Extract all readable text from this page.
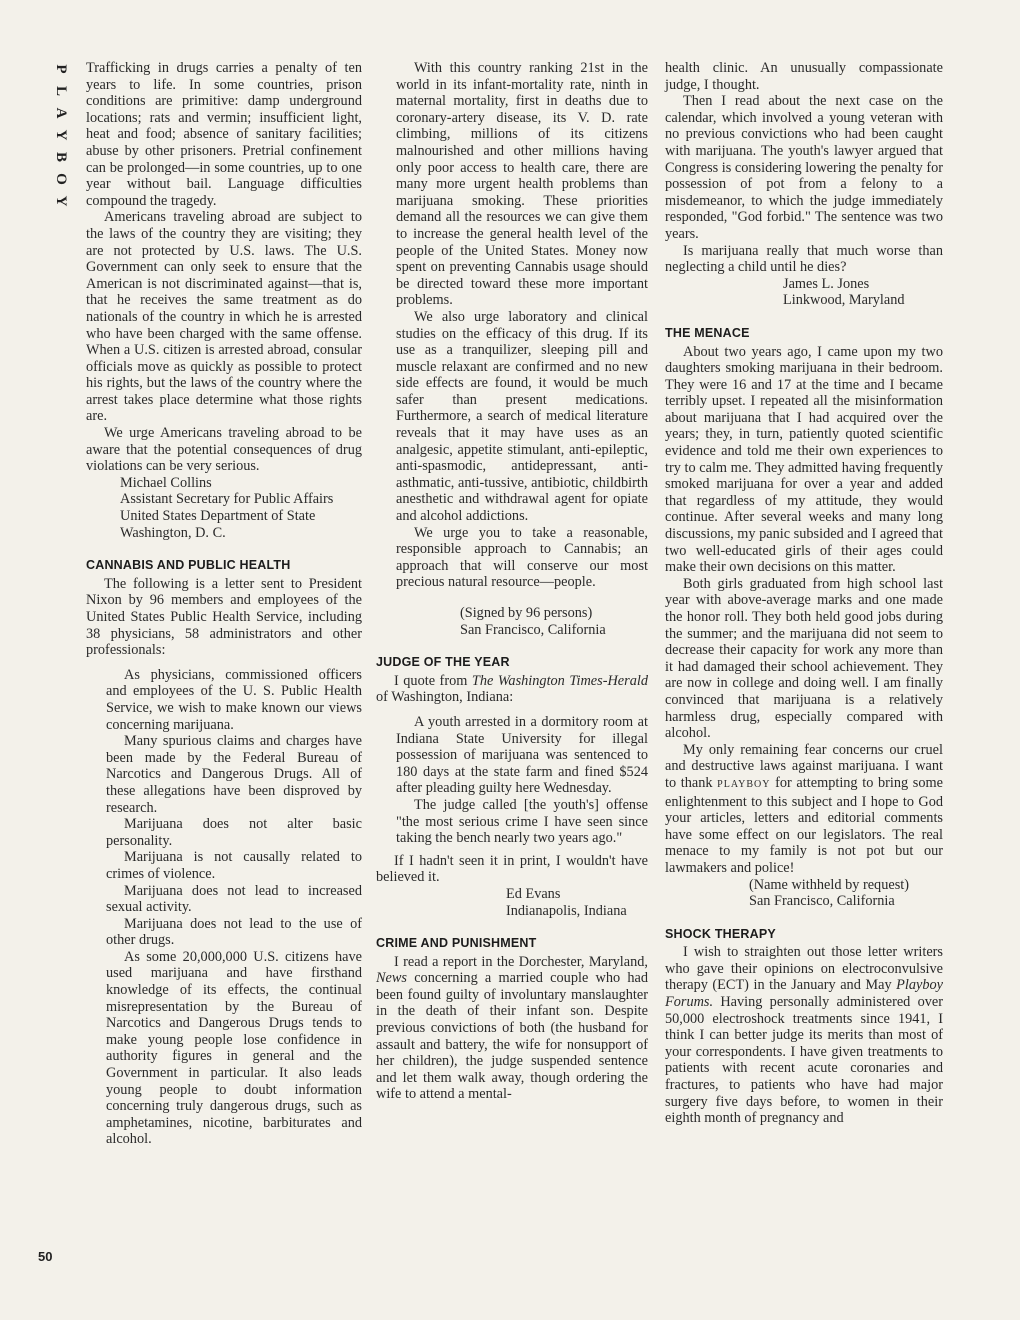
P
L
A
Y
B
O
Y
50

Trafficking in drugs carries a penalty of ten years to life. In some countries, prison conditions are primitive: damp underground locations; rats and vermin; insufficient light, heat and food; absence of sanitary facilities; abuse by other prisoners. Pretrial confinement can be prolonged—in some countries, up to one year without bail. Language difficulties compound the tragedy.

Americans traveling abroad are subject to the laws of the country they are visiting; they are not protected by U.S. laws. The U.S. Government can only seek to ensure that the American is not discriminated against—that is, that he receives the same treatment as do nationals of the country in which he is arrested who have been charged with the same offense. When a U.S. citizen is arrested abroad, consular officials move as quickly as possible to protect his rights, but the laws of the country where the arrest takes place determine what those rights are.

We urge Americans traveling abroad to be aware that the potential consequences of drug violations can be very serious.

Michael Collins

Assistant Secretary for Public Affairs

United States Department of State

Washington, D. C.

CANNABIS AND PUBLIC HEALTH

The following is a letter sent to President Nixon by 96 members and employees of the United States Public Health Service, including 38 physicians, 58 administrators and other professionals:

As physicians, commissioned officers and employees of the U. S. Public Health Service, we wish to make known our views concerning marijuana.

Many spurious claims and charges have been made by the Federal Bureau of Narcotics and Dangerous Drugs. All of these allegations have been disproved by research.

Marijuana does not alter basic personality.

Marijuana is not causally related to crimes of violence.

Marijuana does not lead to increased sexual activity.

Marijuana does not lead to the use of other drugs.

As some 20,000,000 U.S. citizens have used marijuana and have firsthand knowledge of its effects, the continual misrepresentation by the Bureau of Narcotics and Dangerous Drugs tends to make young people lose confidence in authority figures in general and the Government in particular. It also leads young people to doubt information concerning truly dangerous drugs, such as amphetamines, nicotine, barbiturates and alcohol.

With this country ranking 21st in the world in its infant-mortality rate, ninth in maternal mortality, first in deaths due to coronary-artery disease, its V. D. rate climbing, millions of its citizens malnourished and other millions having only poor access to health care, there are many more urgent health problems than marijuana smoking. These priorities demand all the resources we can give them to increase the general health level of the people of the United States. Money now spent on preventing Cannabis usage should be directed toward these more important problems.

We also urge laboratory and clinical studies on the efficacy of this drug. If its use as a tranquilizer, sleeping pill and muscle relaxant are confirmed and no new side effects are found, it would be much safer than present medications. Furthermore, a search of medical literature reveals that it may have uses as an analgesic, appetite stimulant, anti-epileptic, anti-spasmodic, antidepressant, anti-asthmatic, anti-tussive, antibiotic, childbirth anesthetic and withdrawal agent for opiate and alcohol addictions.

We urge you to take a reasonable, responsible approach to Cannabis; an approach that will conserve our most precious natural resource—people.

(Signed by 96 persons)

San Francisco, California

JUDGE OF THE YEAR

I quote from The Washington Times-Herald of Washington, Indiana:

A youth arrested in a dormitory room at Indiana State University for illegal possession of marijuana was sentenced to 180 days at the state farm and fined $524 after pleading guilty here Wednesday.

The judge called [the youth's] offense "the most serious crime I have seen since taking the bench nearly two years ago."

If I hadn't seen it in print, I wouldn't have believed it.

Ed Evans

Indianapolis, Indiana

CRIME AND PUNISHMENT

I read a report in the Dorchester, Maryland, News concerning a married couple who had been found guilty of involuntary manslaughter in the death of their infant son. Despite previous convictions of both (the husband for assault and battery, the wife for nonsupport of her children), the judge suspended sentence and let them walk away, though ordering the wife to attend a mental-

health clinic. An unusually compassionate judge, I thought.

Then I read about the next case on the calendar, which involved a young veteran with no previous convictions who had been caught with marijuana. The youth's lawyer argued that Congress is considering lowering the penalty for possession of pot from a felony to a misdemeanor, to which the judge immediately responded, "God forbid." The sentence was two years.

Is marijuana really that much worse than neglecting a child until he dies?

James L. Jones

Linkwood, Maryland

THE MENACE

About two years ago, I came upon my two daughters smoking marijuana in their bedroom. They were 16 and 17 at the time and I became terribly upset. I repeated all the misinformation about marijuana that I had acquired over the years; they, in turn, patiently quoted scientific evidence and told me their own experiences to try to calm me. They admitted having frequently smoked marijuana for over a year and added that regardless of my attitude, they would continue. After several weeks and many long discussions, my panic subsided and I agreed that two well-educated girls of their ages could make their own decisions on this matter.

Both girls graduated from high school last year with above-average marks and one made the honor roll. They both held good jobs during the summer; and the marijuana did not seem to decrease their capacity for work any more than it had damaged their school achievement. They are now in college and doing well. I am finally convinced that marijuana is a relatively harmless drug, especially compared with alcohol.

My only remaining fear concerns our cruel and destructive laws against marijuana. I want to thank PLAYBOY for attempting to bring some enlightenment to this subject and I hope to God your articles, letters and editorial comments have some effect on our legislators. The real menace to my family is not pot but our lawmakers and police!

(Name withheld by request)

San Francisco, California

SHOCK THERAPY

I wish to straighten out those letter writers who gave their opinions on electroconvulsive therapy (ECT) in the January and May Playboy Forums. Having personally administered over 50,000 electroshock treatments since 1941, I think I can better judge its merits than most of your correspondents. I have given treatments to patients with recent acute coronaries and fractures, to patients who have had major surgery five days before, to women in their eighth month of pregnancy and
